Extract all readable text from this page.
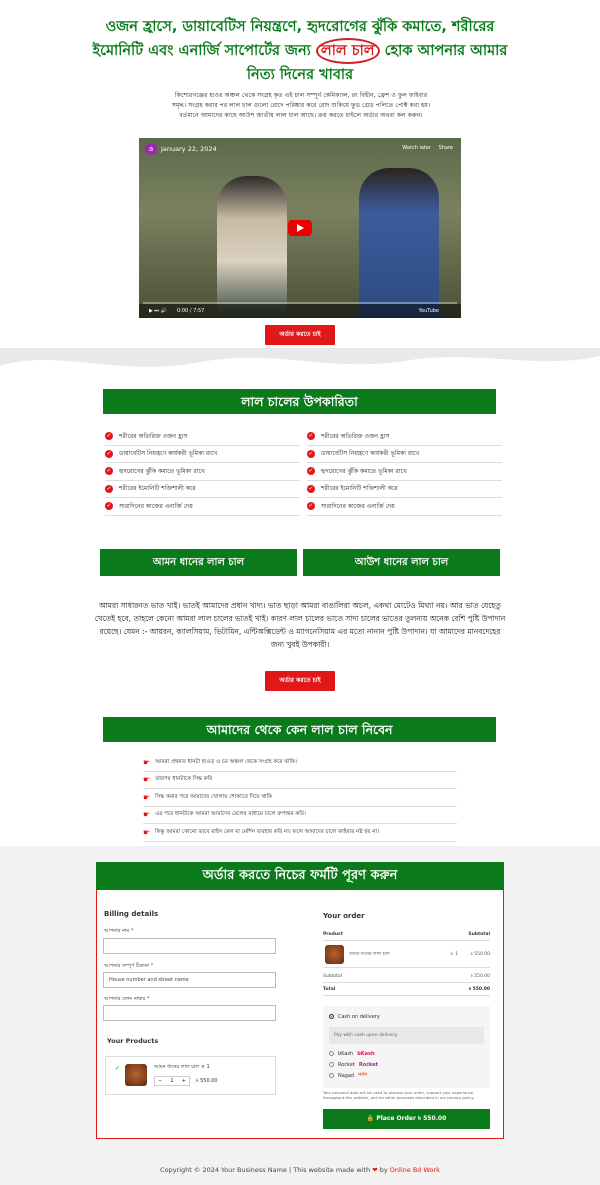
ওজন হ্রাসে, ডায়াবেটিস নিয়ন্ত্রণে, হৃদরোগের ঝুঁকি কমাতে, শরীরের ইমোনিটি এবং এনার্জি সাপোর্টের জন্য লাল চাল হোক আপনার আমার নিত্য দিনের খাবার
কিশোরগঞ্জের হাওর অঞ্চল থেকে সংগ্রহ কৃত এই চাল সম্পূর্ন কেমিক্যাল, রং বিহীন, ফ্রেশ ও ফুল ফাইবার সমৃদ্ধ। সংগ্রহ করার পর লাল চাল গুলো রোদে পরিষ্কার করে রোদ শুকিয়ে ফুড গ্রেড পলিতে পোক্ট করা হয়। বর্তমানে আমাদের কাছে আউশ জাতীয় লাল চাল আছে। ক্রয় করতে চাইলে অর্ডার অথবা কল করুন।
a	January 22, 2024	Watch later Share
▶ ⏭ 🔊 0:00 / 7:57	YouTube
অর্ডার করতে চাই
লাল চালের উপকারিতা
✓ শরীরের অতিরিক্ত ওজন হ্রাস
✓ ডায়াবেটিস নিয়ন্ত্রণে কার্যকরী ভূমিকা রাখে
✓ হৃদরোগের ঝুঁকি কমাতে ভূমিকা রাখে
✓ শরীরের ইমোনিটি শক্তিশালী করে
✓ সারাদিনের কাজের এনার্জি দেয়
✓ শরীরের অতিরিক্ত ওজন হ্রাস
✓ ডায়াবেটিস নিয়ন্ত্রণে কার্যকরী ভূমিকা রাখে
✓ হৃদরোগের ঝুঁকি কমাতে ভূমিকা রাখে
✓ শরীরের ইমোনিটি শক্তিশালী করে
✓ সারাদিনের কাজের এনার্জি দেয়
আমন ধানের লাল চাল	আউশ ধানের লাল চাল
আমরা সাধারনত ভাত খাই। ভাতই আমাদের প্রধান খাদ্য। ভাত ছাড়া আমরা বাঙালিরা অচল, একথা মোটেও মিথ্যা নয়। আর ভাত যেহেতু খেতেই হবে, তাহলে কেনো আমরা লাল চালের ভাতই খাই। কারণ লাল চালের ভাতে সাদা চালের ভাতের তুলনায় অনেক বেশি পুষ্টি উপাদান রয়েছে। যেমন :- আয়রন, ক্যালসিয়াম, ভিটামিন, এন্টিঅক্সিডেন্ট ও ম্যাগনেসিয়াম এর মতো নানান পুষ্টি উপাদান। যা আমাদের মানবদেহের জন্য খুবই উপকারী।
অর্ডার করতে চাই
আমাদের থেকে কেন লাল চাল নিবেন
☛ আমরা প্রথমত ধানটা হাওড় ও চর অঞ্চল থেকে সংগ্রহ করে থাকি।
☛ তারপর ধানটাকে সিদ্ধ করি
☛ সিদ্ধ করার পরে আমাদের খোলায় শোকাতে দিয়ে থাকি
☛ এর পরে ধানটাকে আমরা আমাদের মেলের মাধ্যমে চালে রুপান্তর করি।
☛ কিন্তু আমরা কোনো ভাবে রাইস মেল বা মেশিন ব্যবহার করি না। ফলে আমাদের চালে ফাইবার নষ্ট হয় না।
অর্ডার করতে নিচের ফর্মটি পূরণ করুন
Billing details
আপনার নাম *
আপনার সম্পূর্ণ ঠিকানা *
House number and street name
আপনার ফোন নাম্বার *
Your Products
✓	আমন ধানের লাল চাল × 1
− 1 + ৳ 550.00
Your order
Product	Subtotal
আমন ধানের লাল চাল	× 1	৳ 550.00
Subtotal	৳ 550.00
Total	৳ 550.00
Cash on delivery
Pay with cash upon delivery.
bKash bKash
Rocket Rocket
Nagad নগদ
Your personal data will be used to process your order, support your experience throughout this website, and for other purposes described in our privacy policy.
🔒 Place Order ৳ 550.00
Copyright © 2024 Your Business Name | This website made with ❤ by Online Bd Work
